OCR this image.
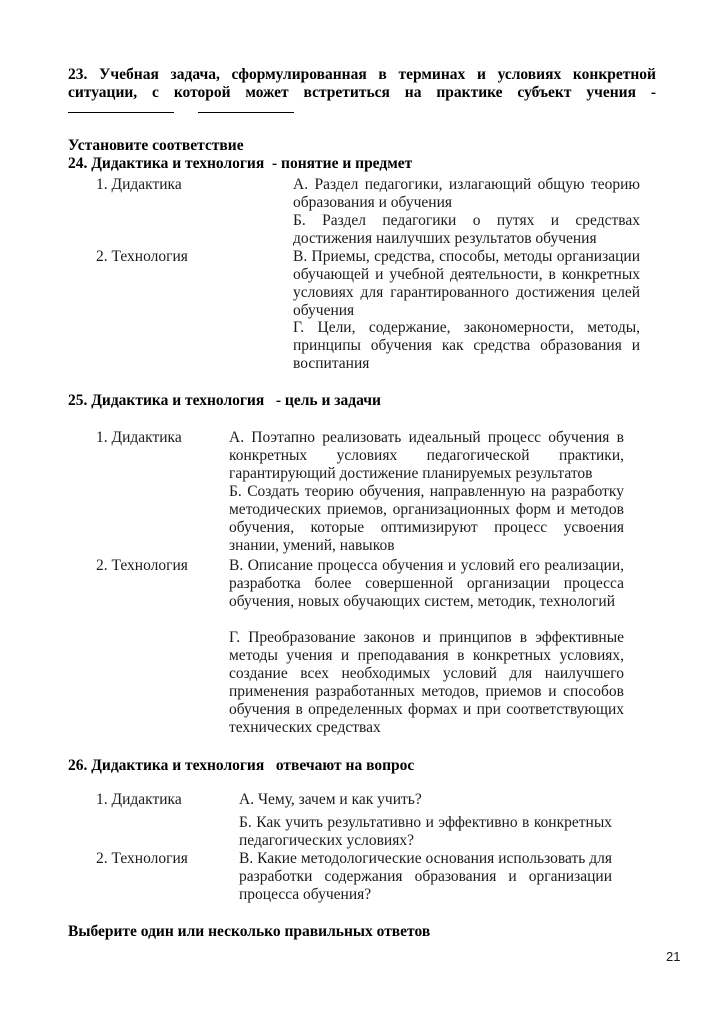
23. Учебная задача, сформулированная в терминах и условиях конкретной
ситуации, с которой может встретиться на практике субъект учения -

Установите соответствие
24. Дидактика и технология  - понятие и предмет
1. Дидактика
2. Технология
А. Раздел педагогики, излагающий общую теорию образования и обучения
Б. Раздел педагогики о путях и средствах достижения наилучших результатов обучения
В. Приемы, средства, способы, методы организации обучающей и учебной деятельности, в конкретных условиях для гарантированного достижения целей обучения
Г. Цели, содержание, закономерности, методы, принципы обучения как средства образования и воспитания
25. Дидактика и технология   - цель и задачи
1. Дидактика
2. Технология
А. Поэтапно реализовать идеальный процесс обучения в конкретных условиях педагогической практики, гарантирующий достижение планируемых результатов
Б. Создать теорию обучения, направленную на разработку методических приемов, организационных форм и методов обучения, которые оптимизируют процесс усвоения знании, умений, навыков
В. Описание процесса обучения и условий его реализации, разработка более совершенной организации процесса обучения, новых обучающих систем, методик, технологий
Г. Преобразование законов и принципов в эффективные методы учения и преподавания в конкретных условиях, создание всех необходимых условий для наилучшего применения разработанных методов, приемов и способов обучения в определенных формах и при соответствующих технических средствах
26. Дидактика и технология   отвечают на вопрос
1. Дидактика
2. Технология
А. Чему, зачем и как учить?
Б. Как учить результативно и эффективно в конкретных педагогических условиях?
В. Какие методологические основания использовать для разработки содержания образования и организации процесса обучения?
Выберите один или несколько правильных ответов
21
